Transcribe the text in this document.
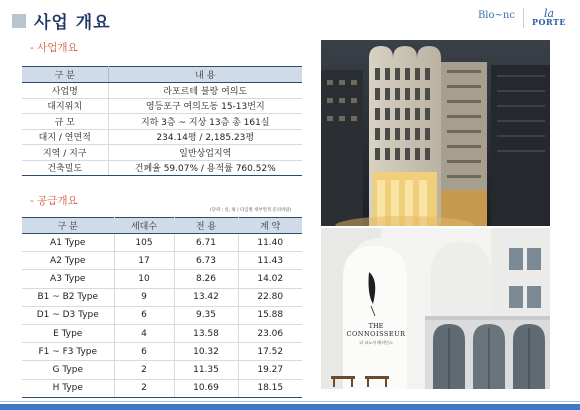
사업 개요	Blo~nc
	la
PORTE
- 사업개요
구 분	내 용
사업명	라포르테 블랑 여의도
대지위치	영등포구 여의도동 15-13번지
규 모	지하 3층 ~ 지상 13층 총 161실
대지 / 연면적	234.14평 / 2,185.23평
지역 / 지구	일반상업지역
건축밀도	건폐율 59.07% / 용적률 760.52%
- 공급개요
(단위 : 실, 평 / 타입별 세부면적 문의바람)
구 분	세대수	전 용	계 약
A1 Type	105	6.71	11.40
A2 Type	17	6.73	11.43
A3 Type	10	8.26	14.02
B1 ~ B2 Type	9	13.42	22.80
D1 ~ D3 Type	6	9.35	15.88
E Type	4	13.58	23.06
F1 ~ F3 Type	6	10.32	17.52
G Type	2	11.35	19.27
H Type	2	10.69	18.15
THE
CONNOISSEUR
더 코노서 레지던스
